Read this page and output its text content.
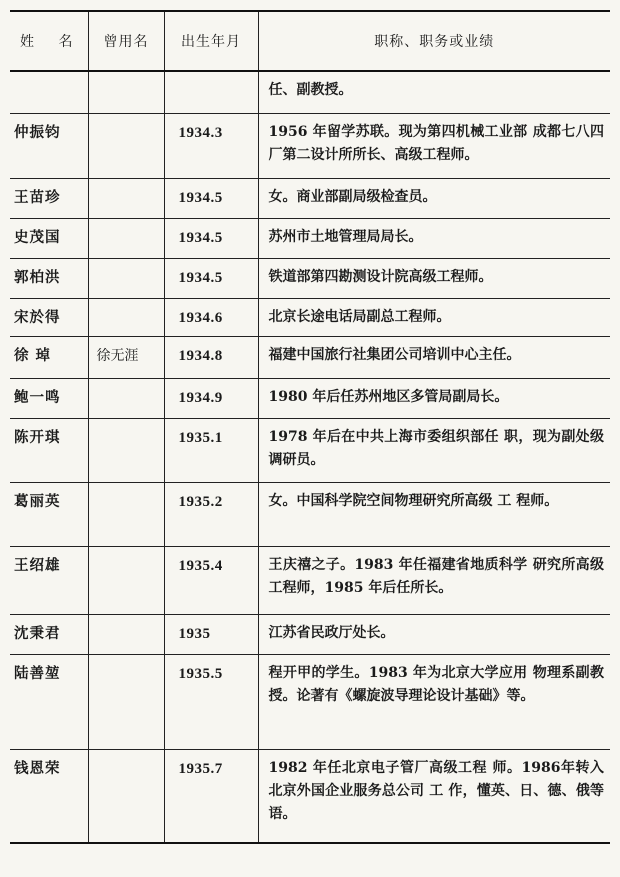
姓 名	曾用名	出生年月	职称、职务或业绩
			任、副教授。
仲振钧		1934.3	1956 年留学苏联。现为第四机械工业部 成都七八四厂第二设计所所长、高级工程师。
王苗珍		1934.5	女。商业部副局级检查员。
史茂国		1934.5	苏州市土地管理局局长。
郭柏洪		1934.5	铁道部第四勘测设计院高级工程师。
宋於得		1934.6	北京长途电话局副总工程师。
徐 琸	徐无涯	1934.8	福建中国旅行社集团公司培训中心主任。
鲍一鸣		1934.9	1980 年后任苏州地区多管局副局长。
陈开琪		1935.1	1978 年后在中共上海市委组织部任 职，现为副处级调研员。
葛丽英		1935.2	女。中国科学院空间物理研究所高级 工 程师。
王绍雄		1935.4	王庆禧之子。1983 年任福建省地质科学 研究所高级工程师，1985 年后任所长。
沈秉君		1935	江苏省民政厅处长。
陆善堃		1935.5	程开甲的学生。1983 年为北京大学应用 物理系副教授。论著有《螺旋波导理论设计基础》等。
钱恩荣		1935.7	1982 年任北京电子管厂高级工程 师。1986年转入北京外国企业服务总公司 工 作，懂英、日、德、俄等语。
